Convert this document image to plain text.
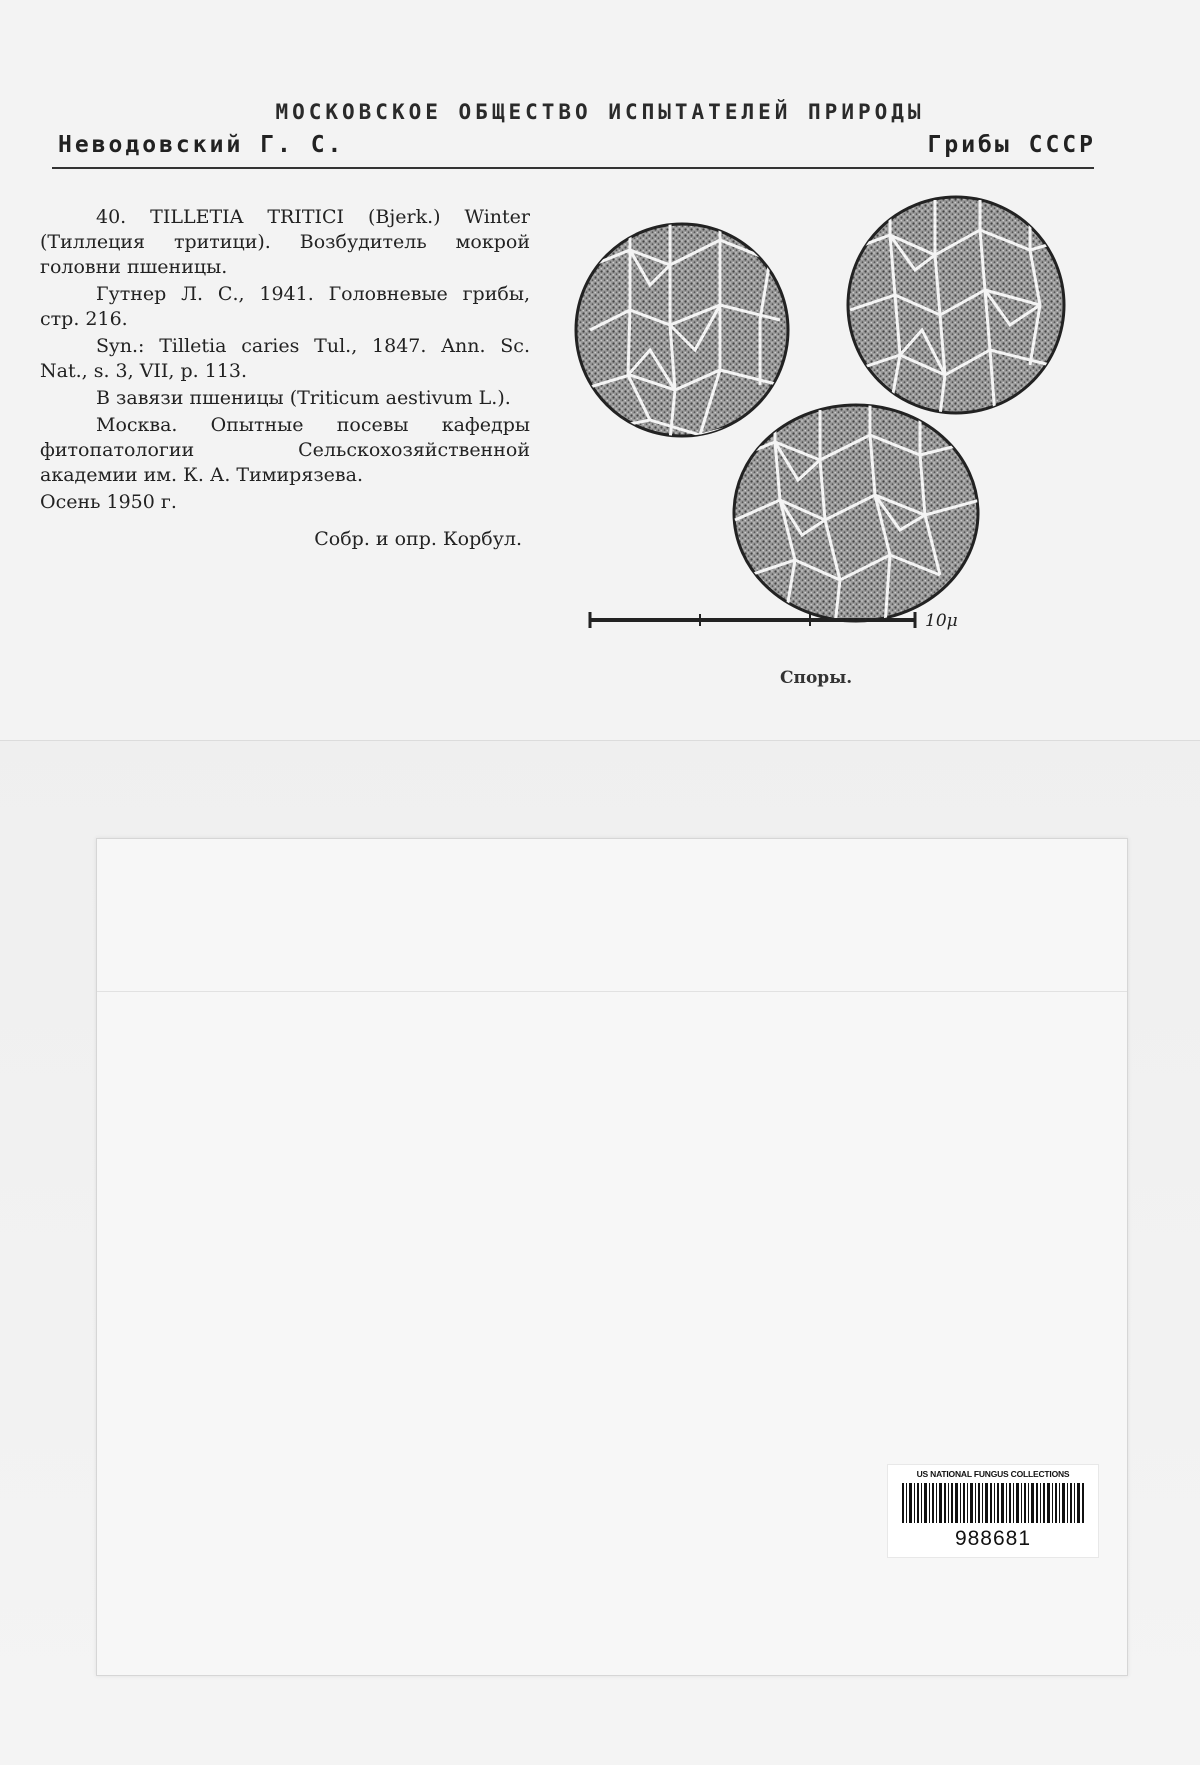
МОСКОВСКОЕ ОБЩЕСТВО ИСПЫТАТЕЛЕЙ ПРИРОДЫ
Неводовский Г. С.	Грибы СССР

40. TILLETIA TRITICI (Bjerk.) Winter (Тиллеция тритици). Возбудитель мокрой головни пшеницы.

Гутнер Л. С., 1941. Головневые грибы, стр. 216.

Syn.: Tilletia caries Tul., 1847. Ann. Sc. Nat., s. 3, VII, p. 113.

В завязи пшеницы (Triticum aestivum L.).

Москва. Опытные посевы кафедры фитопатологии Сельскохозяйственной академии им. К. А. Тимирязева.

Осень 1950 г.

Собр. и опр. Корбул.

10μ
Споры.
US NATIONAL FUNGUS COLLECTIONS
988681
